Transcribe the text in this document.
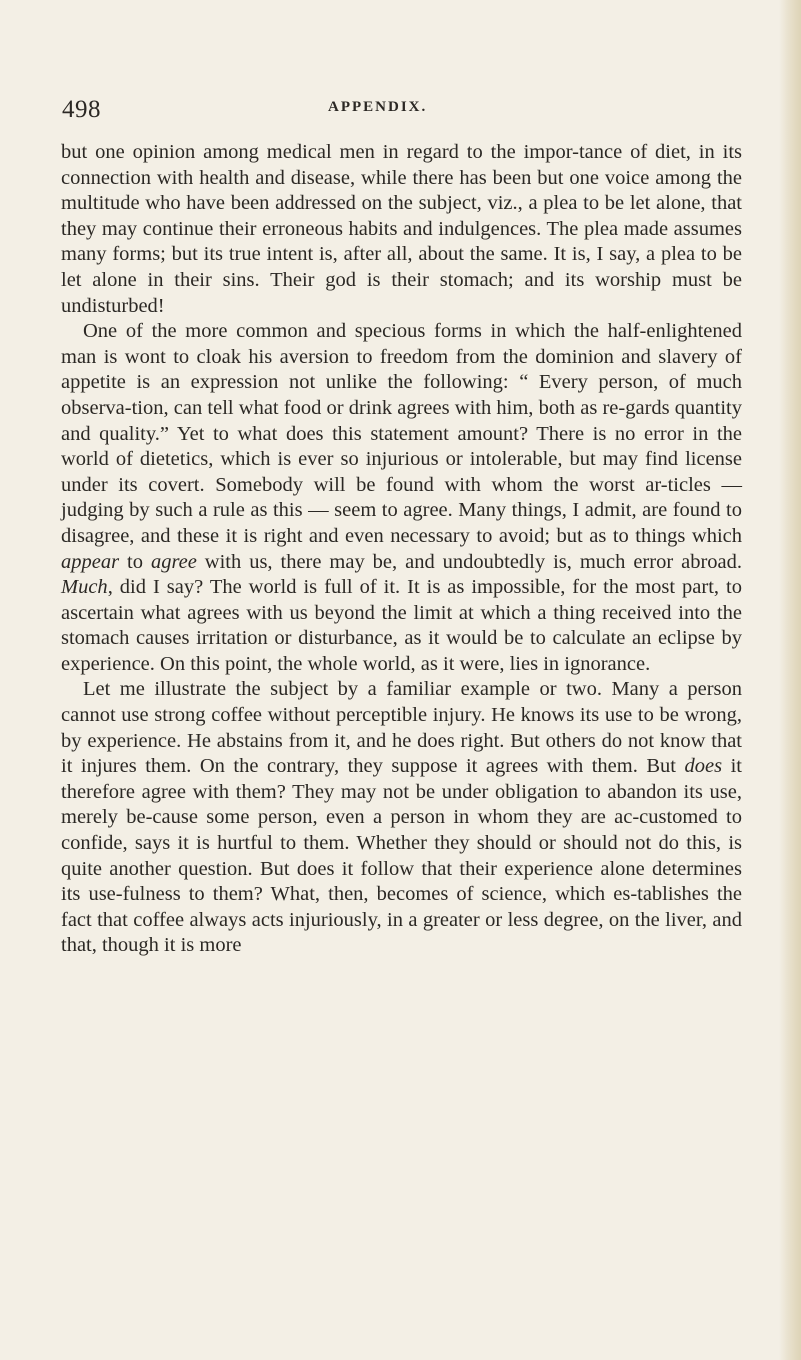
498	APPENDIX.

but one opinion among medical men in regard to the impor-tance of diet, in its connection with health and disease, while there has been but one voice among the multitude who have been addressed on the subject, viz., a plea to be let alone, that they may continue their erroneous habits and indulgences. The plea made assumes many forms; but its true intent is, after all, about the same. It is, I say, a plea to be let alone in their sins. Their god is their stomach; and its worship must be undisturbed!

One of the more common and specious forms in which the half-enlightened man is wont to cloak his aversion to freedom from the dominion and slavery of appetite is an expression not unlike the following: “ Every person, of much observa-tion, can tell what food or drink agrees with him, both as re-gards quantity and quality.” Yet to what does this statement amount? There is no error in the world of dietetics, which is ever so injurious or intolerable, but may find license under its covert. Somebody will be found with whom the worst ar-ticles — judging by such a rule as this — seem to agree. Many things, I admit, are found to disagree, and these it is right and even necessary to avoid; but as to things which appear to agree with us, there may be, and undoubtedly is, much error abroad. Much, did I say? The world is full of it. It is as impossible, for the most part, to ascertain what agrees with us beyond the limit at which a thing received into the stomach causes irritation or disturbance, as it would be to calculate an eclipse by experience. On this point, the whole world, as it were, lies in ignorance.

Let me illustrate the subject by a familiar example or two. Many a person cannot use strong coffee without perceptible injury. He knows its use to be wrong, by experience. He abstains from it, and he does right. But others do not know that it injures them. On the contrary, they suppose it agrees with them. But does it therefore agree with them? They may not be under obligation to abandon its use, merely be-cause some person, even a person in whom they are ac-customed to confide, says it is hurtful to them. Whether they should or should not do this, is quite another question. But does it follow that their experience alone determines its use-fulness to them? What, then, becomes of science, which es-tablishes the fact that coffee always acts injuriously, in a greater or less degree, on the liver, and that, though it is more
